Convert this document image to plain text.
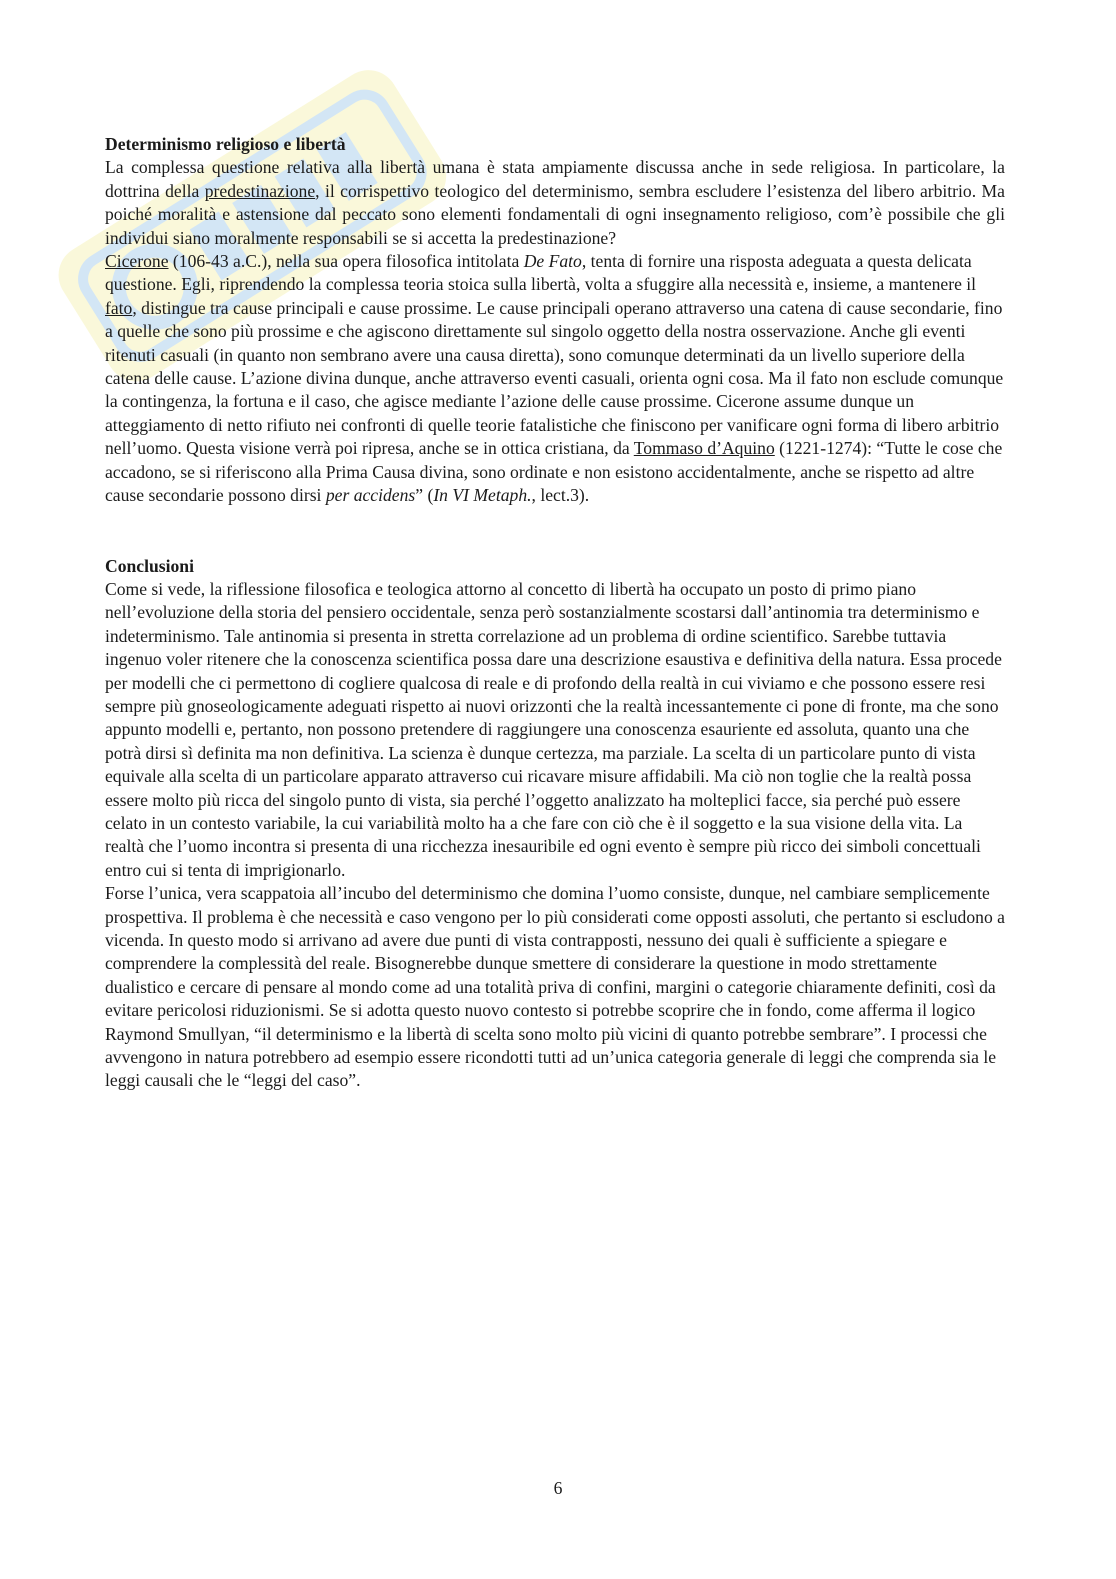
Determinismo religioso e libertà

La complessa questione relativa alla libertà umana è stata ampiamente discussa anche in sede religiosa. In particolare, la dottrina della predestinazione, il corrispettivo teologico del determinismo, sembra escludere l’esistenza del libero arbitrio. Ma poiché moralità e astensione dal peccato sono elementi fondamentali di ogni insegnamento religioso, com’è possibile che gli individui siano moralmente responsabili se si accetta la predestinazione?

Cicerone (106-43 a.C.), nella sua opera filosofica intitolata De Fato, tenta di fornire una risposta adeguata a questa delicata questione. Egli, riprendendo la complessa teoria stoica sulla libertà, volta a sfuggire alla necessità e, insieme, a mantenere il fato, distingue tra cause principali e cause prossime. Le cause principali operano attraverso una catena di cause secondarie, fino a quelle che sono più prossime e che agiscono direttamente sul singolo oggetto della nostra osservazione. Anche gli eventi ritenuti casuali (in quanto non sembrano avere una causa diretta), sono comunque determinati da un livello superiore della catena delle cause. L’azione divina dunque, anche attraverso eventi casuali, orienta ogni cosa. Ma il fato non esclude comunque la contingenza, la fortuna e il caso, che agisce mediante l’azione delle cause prossime. Cicerone assume dunque un atteggiamento di netto rifiuto nei confronti di quelle teorie fatalistiche che finiscono per vanificare ogni forma di libero arbitrio nell’uomo. Questa visione verrà poi ripresa, anche se in ottica cristiana, da Tommaso d’Aquino (1221-1274): “Tutte le cose che accadono, se si riferiscono alla Prima Causa divina, sono ordinate e non esistono accidentalmente, anche se rispetto ad altre cause secondarie possono dirsi per accidens” (In VI Metaph., lect.3).

Conclusioni

Come si vede, la riflessione filosofica e teologica attorno al concetto di libertà ha occupato un posto di primo piano nell’evoluzione della storia del pensiero occidentale, senza però sostanzialmente scostarsi dall’antinomia tra determinismo e indeterminismo. Tale antinomia si presenta in stretta correlazione ad un problema di ordine scientifico. Sarebbe tuttavia ingenuo voler ritenere che la conoscenza scientifica possa dare una descrizione esaustiva e definitiva della natura. Essa procede per modelli che ci permettono di cogliere qualcosa di reale e di profondo della realtà in cui viviamo e che possono essere resi sempre più gnoseologicamente adeguati rispetto ai nuovi orizzonti che la realtà incessantemente ci pone di fronte, ma che sono appunto modelli e, pertanto, non possono pretendere di raggiungere una conoscenza esauriente ed assoluta, quanto una che potrà dirsi sì definita ma non definitiva. La scienza è dunque certezza, ma parziale. La scelta di un particolare punto di vista equivale alla scelta di un particolare apparato attraverso cui ricavare misure affidabili. Ma ciò non toglie che la realtà possa essere molto più ricca del singolo punto di vista, sia perché l’oggetto analizzato ha molteplici facce, sia perché può essere celato in un contesto variabile, la cui variabilità molto ha a che fare con ciò che è il soggetto e la sua visione della vita. La realtà che l’uomo incontra si presenta di una ricchezza inesauribile ed ogni evento è sempre più ricco dei simboli concettuali entro cui si tenta di imprigionarlo.

Forse l’unica, vera scappatoia all’incubo del determinismo che domina l’uomo consiste, dunque, nel cambiare semplicemente prospettiva. Il problema è che necessità e caso vengono per lo più considerati come opposti assoluti, che pertanto si escludono a vicenda. In questo modo si arrivano ad avere due punti di vista contrapposti, nessuno dei quali è sufficiente a spiegare e comprendere la complessità del reale. Bisognerebbe dunque smettere di considerare la questione in modo strettamente dualistico e cercare di pensare al mondo come ad una totalità priva di confini, margini o categorie chiaramente definiti, così da evitare pericolosi riduzionismi. Se si adotta questo nuovo contesto si potrebbe scoprire che in fondo, come afferma il logico Raymond Smullyan, “il determinismo e la libertà di scelta sono molto più vicini di quanto potrebbe sembrare”. I processi che avvengono in natura potrebbero ad esempio essere ricondotti tutti ad un’unica categoria generale di leggi che comprenda sia le leggi causali che le “leggi del caso”.

6
